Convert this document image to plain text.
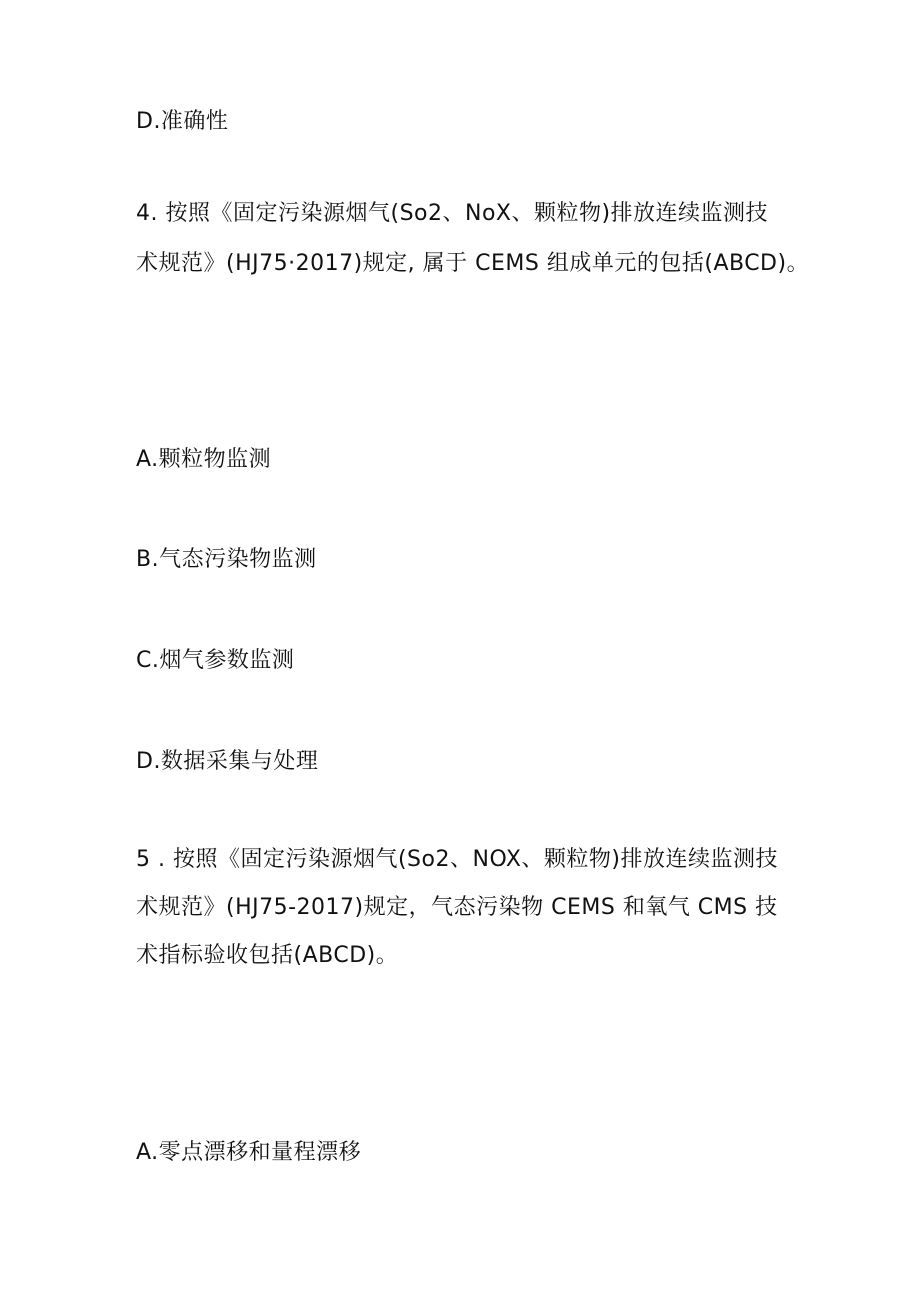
D.准确性
4. 按照《固定污染源烟气(So2、NoX、颗粒物)排放连续监测技
术规范》(HJ75·2017)规定, 属于 CEMS 组成单元的包括(ABCD)。
A.颗粒物监测
B.气态污染物监测
C.烟气参数监测
D.数据采集与处理
5 . 按照《固定污染源烟气(So2、NOX、颗粒物)排放连续监测技
术规范》(HJ75-2017)规定，气态污染物 CEMS 和氧气 CMS 技
术指标验收包括(ABCD)。
A.零点漂移和量程漂移
